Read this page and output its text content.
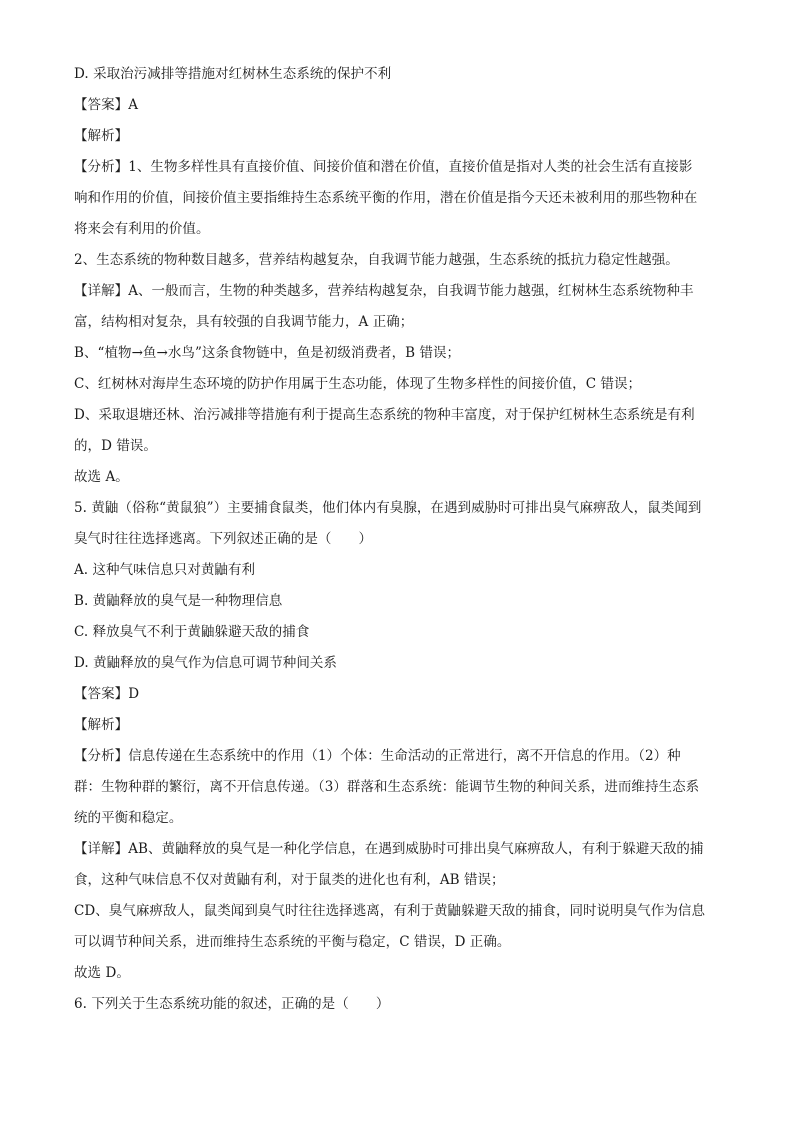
D. 采取治污减排等措施对红树林生态系统的保护不利
【答案】A
【解析】
【分析】1、生物多样性具有直接价值、间接价值和潜在价值，直接价值是指对人类的社会生活有直接影
响和作用的价值，间接价值主要指维持生态系统平衡的作用，潜在价值是指今天还未被利用的那些物种在
将来会有利用的价值。
2、生态系统的物种数目越多，营养结构越复杂，自我调节能力越强，生态系统的抵抗力稳定性越强。
【详解】A、一般而言，生物的种类越多，营养结构越复杂，自我调节能力越强，红树林生态系统物种丰
富，结构相对复杂，具有较强的自我调节能力，A 正确；
B、“植物→鱼→水鸟”这条食物链中，鱼是初级消费者，B 错误；
C、红树林对海岸生态环境的防护作用属于生态功能，体现了生物多样性的间接价值，C 错误；
D、采取退塘还林、治污减排等措施有利于提高生态系统的物种丰富度，对于保护红树林生态系统是有利
的，D 错误。
故选 A。
5. 黄鼬（俗称“黄鼠狼”）主要捕食鼠类，他们体内有臭腺，在遇到威胁时可排出臭气麻痹敌人，鼠类闻到
臭气时往往选择逃离。下列叙述正确的是（　　）
A. 这种气味信息只对黄鼬有利
B. 黄鼬释放的臭气是一种物理信息
C. 释放臭气不利于黄鼬躲避天敌的捕食
D. 黄鼬释放的臭气作为信息可调节种间关系
【答案】D
【解析】
【分析】信息传递在生态系统中的作用（1）个体：生命活动的正常进行，离不开信息的作用。（2）种
群：生物种群的繁衍，离不开信息传递。（3）群落和生态系统：能调节生物的种间关系，进而维持生态系
统的平衡和稳定。
【详解】AB、黄鼬释放的臭气是一种化学信息，在遇到威胁时可排出臭气麻痹敌人，有利于躲避天敌的捕
食，这种气味信息不仅对黄鼬有利，对于鼠类的进化也有利，AB 错误；
CD、臭气麻痹敌人，鼠类闻到臭气时往往选择逃离，有利于黄鼬躲避天敌的捕食，同时说明臭气作为信息
可以调节种间关系，进而维持生态系统的平衡与稳定，C 错误，D 正确。
故选 D。
6. 下列关于生态系统功能的叙述，正确的是（　　）
